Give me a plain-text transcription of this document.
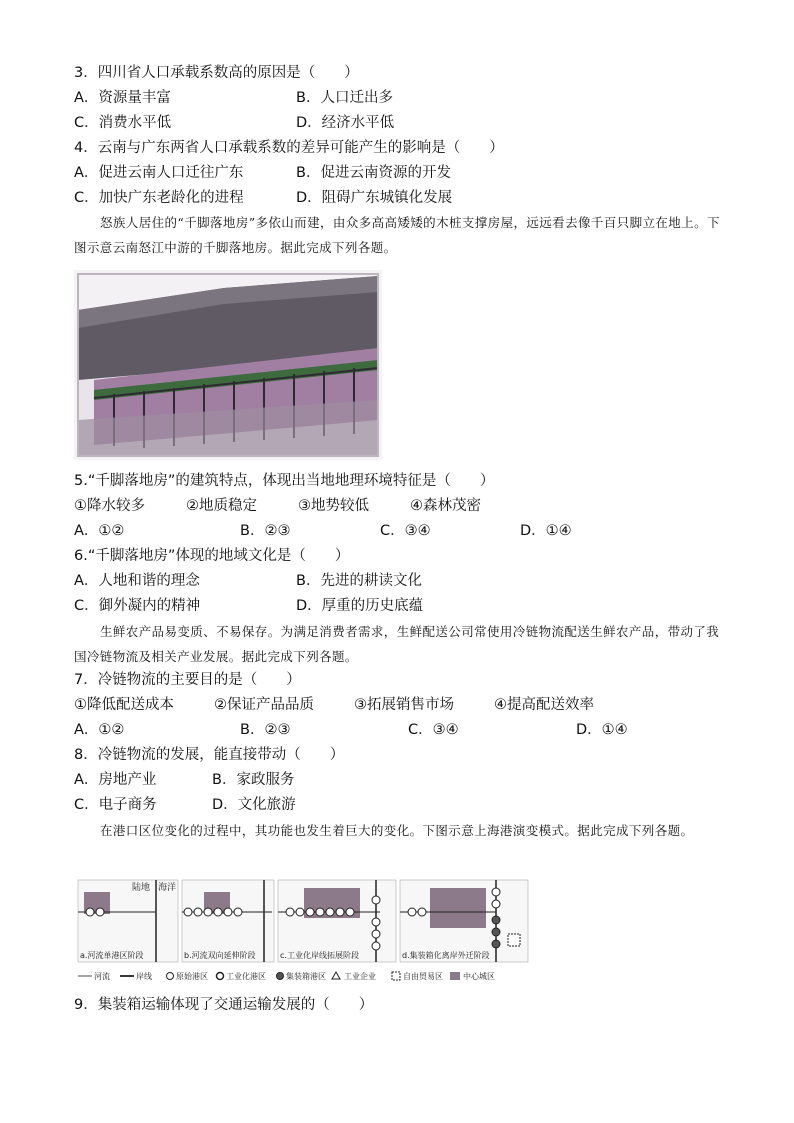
3．四川省人口承载系数高的原因是（　　）
A．资源量丰富	B．人口迁出多
C．消费水平低	D．经济水平低
4．云南与广东两省人口承载系数的差异可能产生的影响是（　　）
A．促进云南人口迁往广东	B．促进云南资源的开发
C．加快广东老龄化的进程	D．阻碍广东城镇化发展
怒族人居住的“千脚落地房”多依山而建，由众多高高矮矮的木桩支撑房屋，远远看去像千百只脚立在地上。下图示意云南怒江中游的千脚落地房。据此完成下列各题。
5.“千脚落地房”的建筑特点，体现出当地地理环境特征是（　　）
①降水较多	②地质稳定	③地势较低	④森林茂密
A．①②	B．②③	C．③④	D．①④
6.“千脚落地房”体现的地域文化是（　　）
A．人地和谐的理念	B．先进的耕读文化
C．御外凝内的精神	D．厚重的历史底蕴
生鲜农产品易变质、不易保存。为满足消费者需求，生鲜配送公司常使用冷链物流配送生鲜农产品，带动了我国冷链物流及相关产业发展。据此完成下列各题。
7．冷链物流的主要目的是（　　）
①降低配送成本	②保证产品品质	③拓展销售市场	④提高配送效率
A．①②	B．②③	C．③④	D．①④
8．冷链物流的发展，能直接带动（　　）
A．房地产业	B．家政服务
C．电子商务	D．文化旅游
在港口区位变化的过程中，其功能也发生着巨大的变化。下图示意上海港演变模式。据此完成下列各题。
陆地 海洋
a.河流单港区阶段	b.河流双向延伸阶段	c.工业化岸线拓展阶段	d.集装箱化离岸外迁阶段
河流	岸线	原始港区 工业化港区	集装箱港区 工业企业	自由贸易区	中心城区
9．集装箱运输体现了交通运输发展的（　　）
